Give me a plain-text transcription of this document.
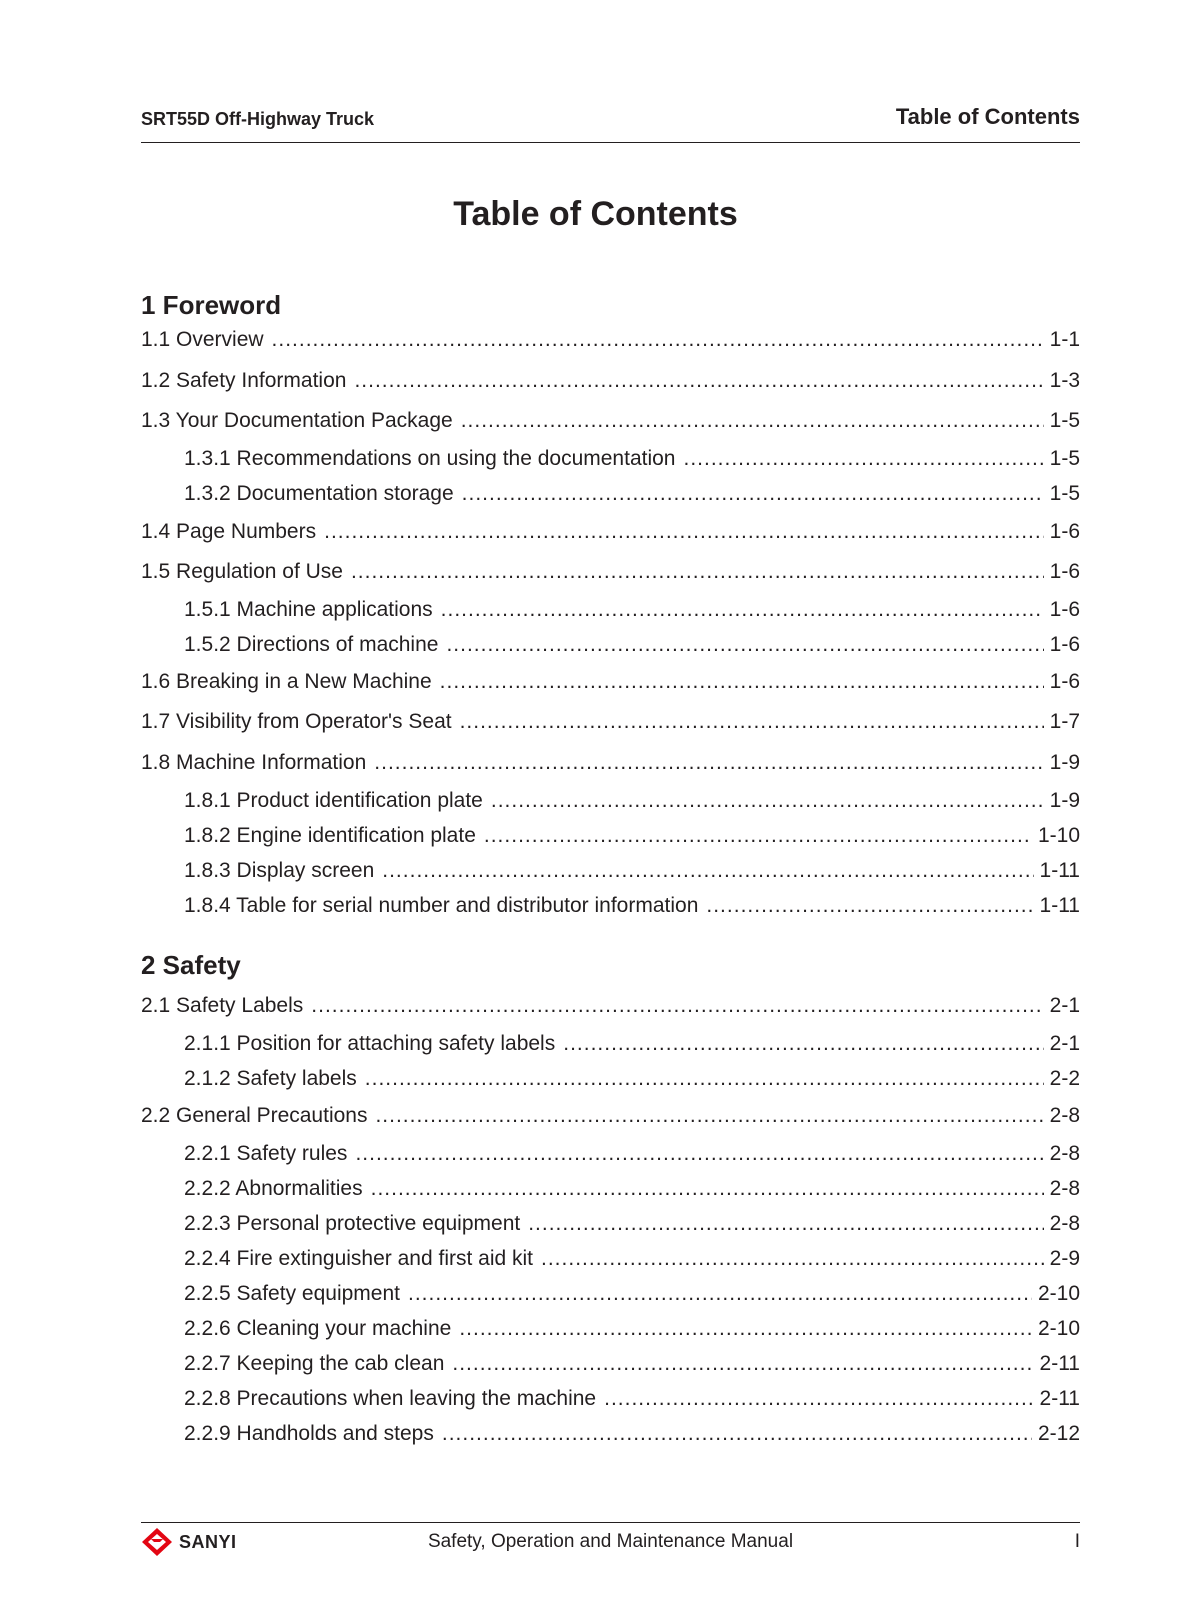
SRT55D Off-Highway Truck	Table of Contents
Table of Contents
1 Foreword
1.1 Overview .....	1-1
1.2 Safety Information .....	1-3
1.3 Your Documentation Package .....	1-5
1.3.1 Recommendations on using the documentation .....	1-5
1.3.2 Documentation storage .....	1-5
1.4 Page Numbers .....	1-6
1.5 Regulation of Use .....	1-6
1.5.1 Machine applications .....	1-6
1.5.2 Directions of machine .....	1-6
1.6 Breaking in a New Machine .....	1-6
1.7 Visibility from Operator's Seat .....	1-7
1.8 Machine Information .....	1-9
1.8.1 Product identification plate .....	1-9
1.8.2 Engine identification plate .....	1-10
1.8.3 Display screen .....	1-11
1.8.4 Table for serial number and distributor information .....	1-11
2 Safety
2.1 Safety Labels .....	2-1
2.1.1 Position for attaching safety labels .....	2-1
2.1.2 Safety labels .....	2-2
2.2 General Precautions .....	2-8
2.2.1 Safety rules .....	2-8
2.2.2 Abnormalities .....	2-8
2.2.3 Personal protective equipment .....	2-8
2.2.4 Fire extinguisher and first aid kit .....	2-9
2.2.5 Safety equipment .....	2-10
2.2.6 Cleaning your machine .....	2-10
2.2.7 Keeping the cab clean .....	2-11
2.2.8 Precautions when leaving the machine .....	2-11
2.2.9 Handholds and steps .....	2-12
SANYI	Safety, Operation and Maintenance Manual	I
